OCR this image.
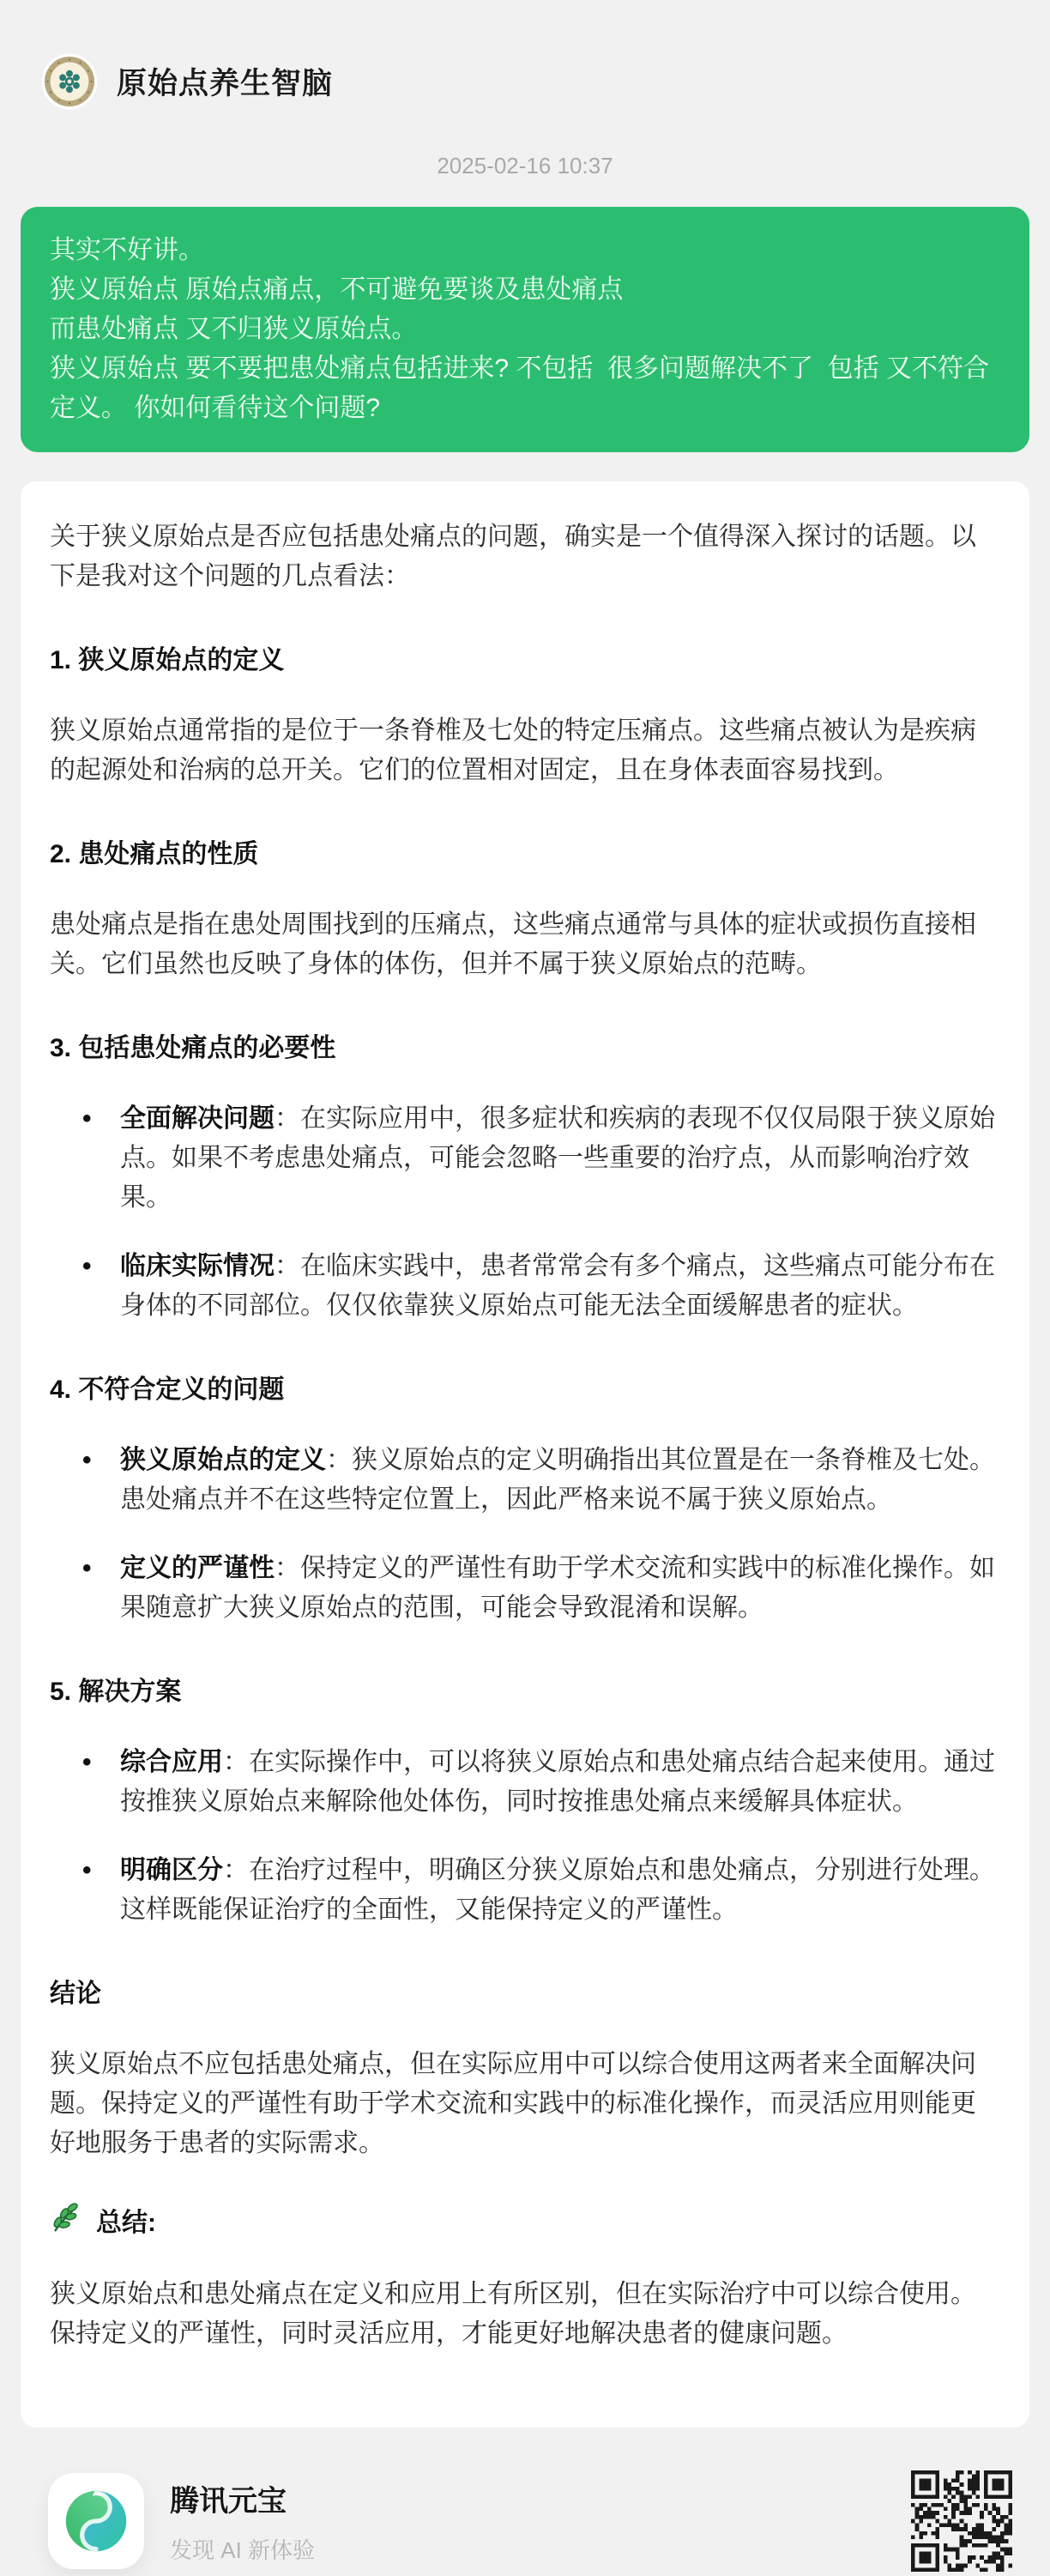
原始点养生智脑
2025-02-16 10:37
其实不好讲。
狭义原始点 原始点痛点，不可避免要谈及患处痛点
而患处痛点 又不归狭义原始点。
狭义原始点 要不要把患处痛点包括进来? 不包括  很多问题解决不了  包括 又不符合定义。 你如何看待这个问题?

关于狭义原始点是否应包括患处痛点的问题，确实是一个值得深入探讨的话题。以下是我对这个问题的几点看法：

1. 狭义原始点的定义

狭义原始点通常指的是位于一条脊椎及七处的特定压痛点。这些痛点被认为是疾病的起源处和治病的总开关。它们的位置相对固定，且在身体表面容易找到。

2. 患处痛点的性质

患处痛点是指在患处周围找到的压痛点，这些痛点通常与具体的症状或损伤直接相关。它们虽然也反映了身体的体伤，但并不属于狭义原始点的范畴。

3. 包括患处痛点的必要性
•	全面解决问题：在实际应用中，很多症状和疾病的表现不仅仅局限于狭义原始点。如果不考虑患处痛点，可能会忽略一些重要的治疗点，从而影响治疗效果。
•	临床实际情况：在临床实践中，患者常常会有多个痛点，这些痛点可能分布在身体的不同部位。仅仅依靠狭义原始点可能无法全面缓解患者的症状。
4. 不符合定义的问题
•	狭义原始点的定义：狭义原始点的定义明确指出其位置是在一条脊椎及七处。患处痛点并不在这些特定位置上，因此严格来说不属于狭义原始点。
•	定义的严谨性：保持定义的严谨性有助于学术交流和实践中的标准化操作。如果随意扩大狭义原始点的范围，可能会导致混淆和误解。
5. 解决方案
•	综合应用：在实际操作中，可以将狭义原始点和患处痛点结合起来使用。通过按推狭义原始点来解除他处体伤，同时按推患处痛点来缓解具体症状。
•	明确区分：在治疗过程中，明确区分狭义原始点和患处痛点，分别进行处理。这样既能保证治疗的全面性，又能保持定义的严谨性。
结论

狭义原始点不应包括患处痛点，但在实际应用中可以综合使用这两者来全面解决问题。保持定义的严谨性有助于学术交流和实践中的标准化操作，而灵活应用则能更好地服务于患者的实际需求。

总结:

狭义原始点和患处痛点在定义和应用上有所区别，但在实际治疗中可以综合使用。保持定义的严谨性，同时灵活应用，才能更好地解决患者的健康问题。

腾讯元宝
发现 AI 新体验
